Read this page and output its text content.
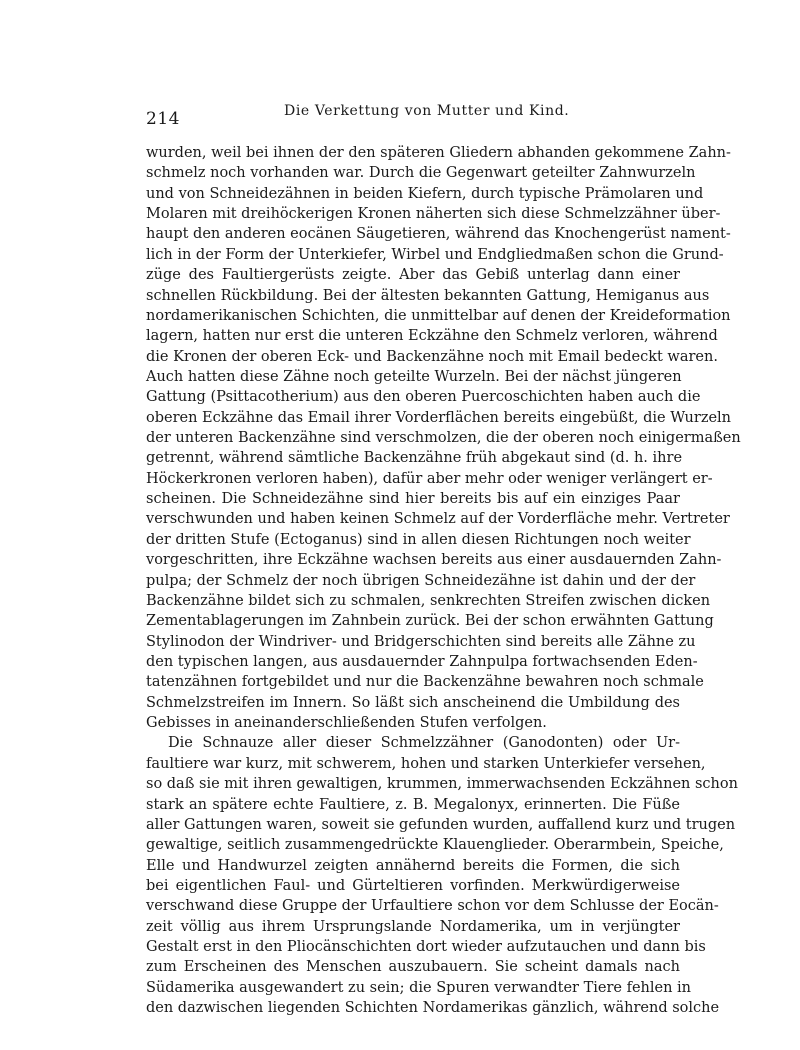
214	Die Verkettung von Mutter und Kind.
wurden, weil bei ihnen der den späteren Gliedern abhanden gekommene Zahn-
schmelz noch vorhanden war. Durch die Gegenwart geteilter Zahnwurzeln
und von Schneidezähnen in beiden Kiefern, durch typische Prämolaren und
Molaren mit dreihöckerigen Kronen näherten sich diese Schmelzzähner über-
haupt den anderen eocänen Säugetieren, während das Knochengerüst nament-
lich in der Form der Unterkiefer, Wirbel und Endgliedmaßen schon die Grund-
züge des Faultiergerüsts zeigte. Aber das Gebiß unterlag dann einer
schnellen Rückbildung. Bei der ältesten bekannten Gattung, Hemiganus aus
nordamerikanischen Schichten, die unmittelbar auf denen der Kreideformation
lagern, hatten nur erst die unteren Eckzähne den Schmelz verloren, während
die Kronen der oberen Eck- und Backenzähne noch mit Email bedeckt waren.
Auch hatten diese Zähne noch geteilte Wurzeln. Bei der nächst jüngeren
Gattung (Psittacotherium) aus den oberen Puercoschichten haben auch die
oberen Eckzähne das Email ihrer Vorderflächen bereits eingebüßt, die Wurzeln
der unteren Backenzähne sind verschmolzen, die der oberen noch einigermaßen
getrennt, während sämtliche Backenzähne früh abgekaut sind (d. h. ihre
Höckerkronen verloren haben), dafür aber mehr oder weniger verlängert er-
scheinen. Die Schneidezähne sind hier bereits bis auf ein einziges Paar
verschwunden und haben keinen Schmelz auf der Vorderfläche mehr. Vertreter
der dritten Stufe (Ectoganus) sind in allen diesen Richtungen noch weiter
vorgeschritten, ihre Eckzähne wachsen bereits aus einer ausdauernden Zahn-
pulpa; der Schmelz der noch übrigen Schneidezähne ist dahin und der der
Backenzähne bildet sich zu schmalen, senkrechten Streifen zwischen dicken
Zementablagerungen im Zahnbein zurück. Bei der schon erwähnten Gattung
Stylinodon der Windriver- und Bridgerschichten sind bereits alle Zähne zu
den typischen langen, aus ausdauernder Zahnpulpa fortwachsenden Eden-
tatenzähnen fortgebildet und nur die Backenzähne bewahren noch schmale
Schmelzstreifen im Innern. So läßt sich anscheinend die Umbildung des
Gebisses in aneinanderschließenden Stufen verfolgen.
Die Schnauze aller dieser Schmelzzähner (Ganodonten) oder Ur-
faultiere war kurz, mit schwerem, hohen und starken Unterkiefer versehen,
so daß sie mit ihren gewaltigen, krummen, immerwachsenden Eckzähnen schon
stark an spätere echte Faultiere, z. B. Megalonyx, erinnerten. Die Füße
aller Gattungen waren, soweit sie gefunden wurden, auffallend kurz und trugen
gewaltige, seitlich zusammengedrückte Klauenglieder. Oberarmbein, Speiche,
Elle und Handwurzel zeigten annähernd bereits die Formen, die sich
bei eigentlichen Faul- und Gürteltieren vorfinden. Merkwürdigerweise
verschwand diese Gruppe der Urfaultiere schon vor dem Schlusse der Eocän-
zeit völlig aus ihrem Ursprungslande Nordamerika, um in verjüngter
Gestalt erst in den Pliocänschichten dort wieder aufzutauchen und dann bis
zum Erscheinen des Menschen auszubauern. Sie scheint damals nach
Südamerika ausgewandert zu sein; die Spuren verwandter Tiere fehlen in
den dazwischen liegenden Schichten Nordamerikas gänzlich, während solche
